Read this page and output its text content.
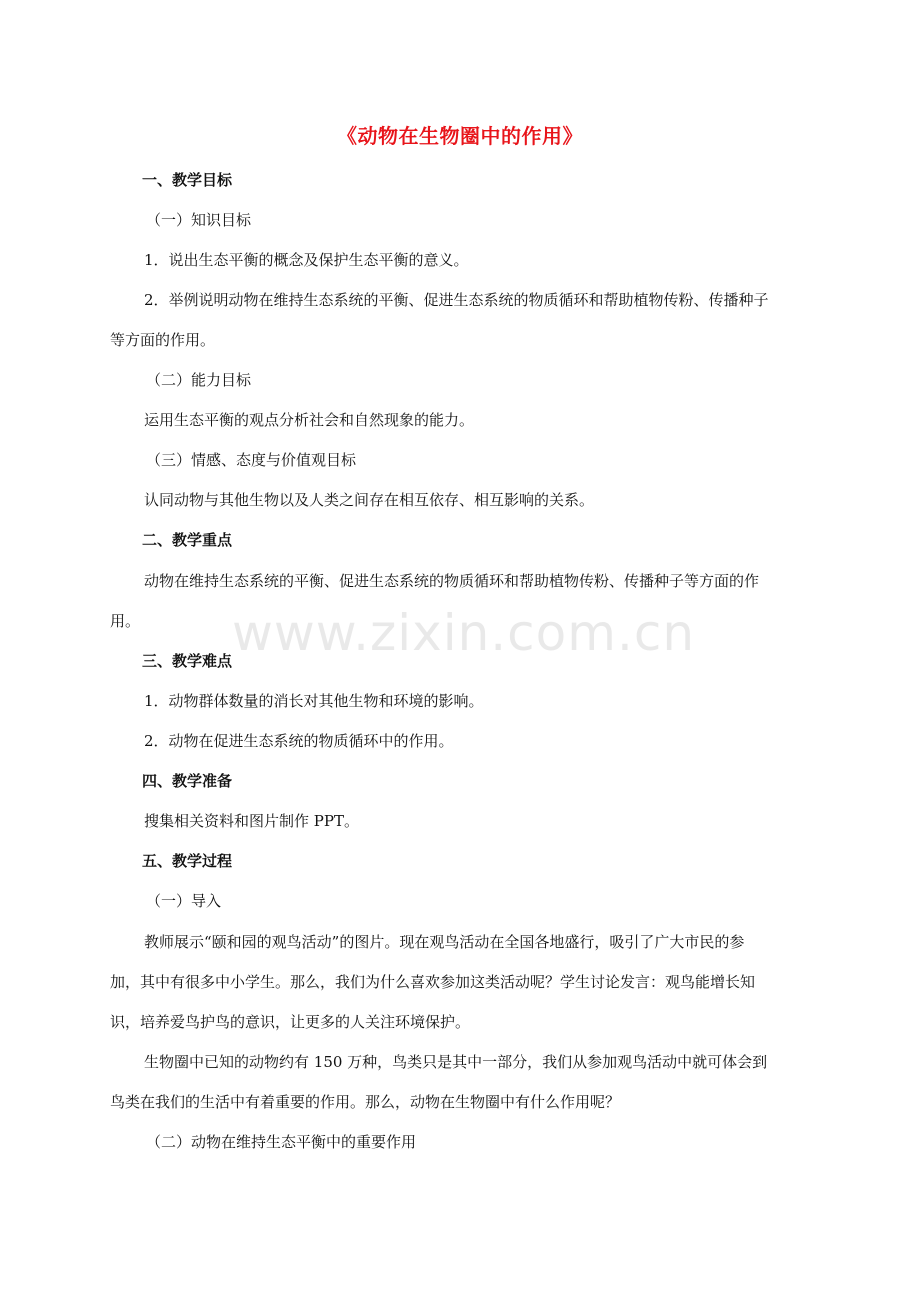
www.zixin.com.cn
《动物在生物圈中的作用》
一、教学目标
（一）知识目标
1．说出生态平衡的概念及保护生态平衡的意义。
2．举例说明动物在维持生态系统的平衡、促进生态系统的物质循环和帮助植物传粉、传播种子
等方面的作用。
（二）能力目标
运用生态平衡的观点分析社会和自然现象的能力。
（三）情感、态度与价值观目标
认同动物与其他生物以及人类之间存在相互依存、相互影响的关系。
二、教学重点
动物在维持生态系统的平衡、促进生态系统的物质循环和帮助植物传粉、传播种子等方面的作
用。
三、教学难点
1．动物群体数量的消长对其他生物和环境的影响。
2．动物在促进生态系统的物质循环中的作用。
四、教学准备
搜集相关资料和图片制作 PPT。
五、教学过程
（一）导入
教师展示“颐和园的观鸟活动”的图片。现在观鸟活动在全国各地盛行，吸引了广大市民的参
加，其中有很多中小学生。那么，我们为什么喜欢参加这类活动呢？学生讨论发言：观鸟能增长知
识，培养爱鸟护鸟的意识，让更多的人关注环境保护。
生物圈中已知的动物约有 150 万种，鸟类只是其中一部分，我们从参加观鸟活动中就可体会到
鸟类在我们的生活中有着重要的作用。那么，动物在生物圈中有什么作用呢？
（二）动物在维持生态平衡中的重要作用
